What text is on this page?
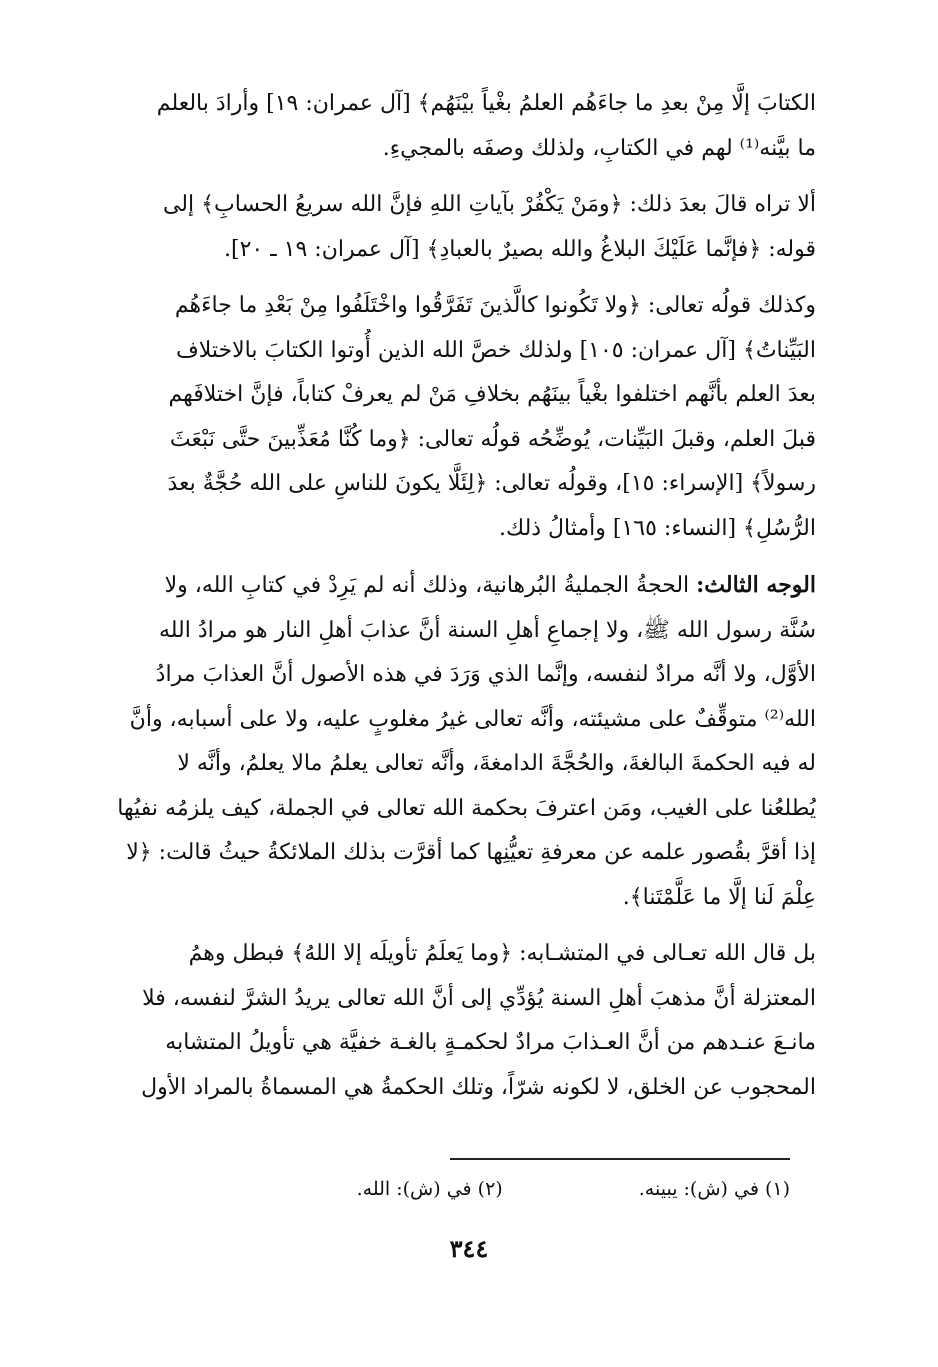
الكتابَ إلَّا مِنْ بعدِ ما جاءَهُم العلمُ بغْياً بيْنَهُم﴾ [آل عمران: ١٩] وأرادَ بالعلم
ما بيَّنه⁽¹⁾ لهم في الكتابِ، ولذلك وصفَه بالمجيءِ.

ألا تراه قالَ بعدَ ذلك: ﴿ومَنْ يَكْفُرْ بآياتِ اللهِ فإنَّ الله سريعُ الحسابِ﴾ إلى
قوله: ﴿فإنَّما عَلَيْكَ البلاغُ والله بصيرٌ بالعبادِ﴾ [آل عمران: ١٩ ـ ٢٠].

وكذلك قولُه تعالى: ﴿ولا تَكُونوا كالَّذينَ تَفَرَّقُوا واخْتَلَفُوا مِنْ بَعْدِ ما جاءَهُم
البَيِّناتُ﴾ [آل عمران: ١٠٥] ولذلك خصَّ الله الذين أُوتوا الكتابَ بالاختلاف
بعدَ العلم بأنَّهم اختلفوا بغْياً بينَهُم بخلافِ مَنْ لم يعرفْ كتاباً، فإنَّ اختلافَهم
قبلَ العلم، وقبلَ البَيِّنات، يُوضِّحُه قولُه تعالى: ﴿وما كُنَّا مُعَذِّبينَ حتَّى نَبْعَثَ
رسولاً﴾ [الإسراء: ١٥]، وقولُه تعالى: ﴿لِئَلَّا يكونَ للناسِ على الله حُجَّةٌ بعدَ
الرُّسُلِ﴾ [النساء: ١٦٥] وأمثالُ ذلك.

الوجه الثالث: الحجةُ الجمليةُ البُرهانية، وذلك أنه لم يَرِدْ في كتابِ الله، ولا
سُنَّة رسول الله ﷺ، ولا إجماعِ أهلِ السنة أنَّ عذابَ أهلِ النار هو مرادُ الله
الأوَّل، ولا أنَّه مرادٌ لنفسه، وإنَّما الذي وَرَدَ في هذه الأصول أنَّ العذابَ مرادُ
الله⁽²⁾ متوقِّفٌ على مشيئته، وأنَّه تعالى غيرُ مغلوبٍ عليه، ولا على أسبابه، وأنَّ
له فيه الحكمةَ البالغةَ، والحُجَّةَ الدامغةَ، وأنَّه تعالى يعلمُ مالا يعلمُ، وأنَّه لا
يُطلعُنا على الغيب، ومَن اعترفَ بحكمة الله تعالى في الجملة، كيف يلزمُه نفيُها
إذا أقرَّ بقُصور علمه عن معرفةِ تعيُّنِها كما أقرَّت بذلك الملائكةُ حيثُ قالت: ﴿لا
عِلْمَ لَنا إلَّا ما عَلَّمْتَنا﴾.

بل قال الله تعـالى في المتشـابه: ﴿وما يَعلَمُ تأويلَه إلا اللهُ﴾ فبطل وهمُ
المعتزلة أنَّ مذهبَ أهلِ السنة يُؤدِّي إلى أنَّ الله تعالى يريدُ الشرَّ لنفسه، فلا
مانـعَ عنـدهم من أنَّ العـذابَ مرادٌ لحكمـةٍ بالغـة خفيَّة هي تأويلُ المتشابه
المحجوب عن الخلق، لا لكونه شرّاً، وتلك الحكمةُ هي المسماةُ بالمراد الأول

(١) في (ش): يبينه. (٢) في (ش): الله.
٣٤٤
